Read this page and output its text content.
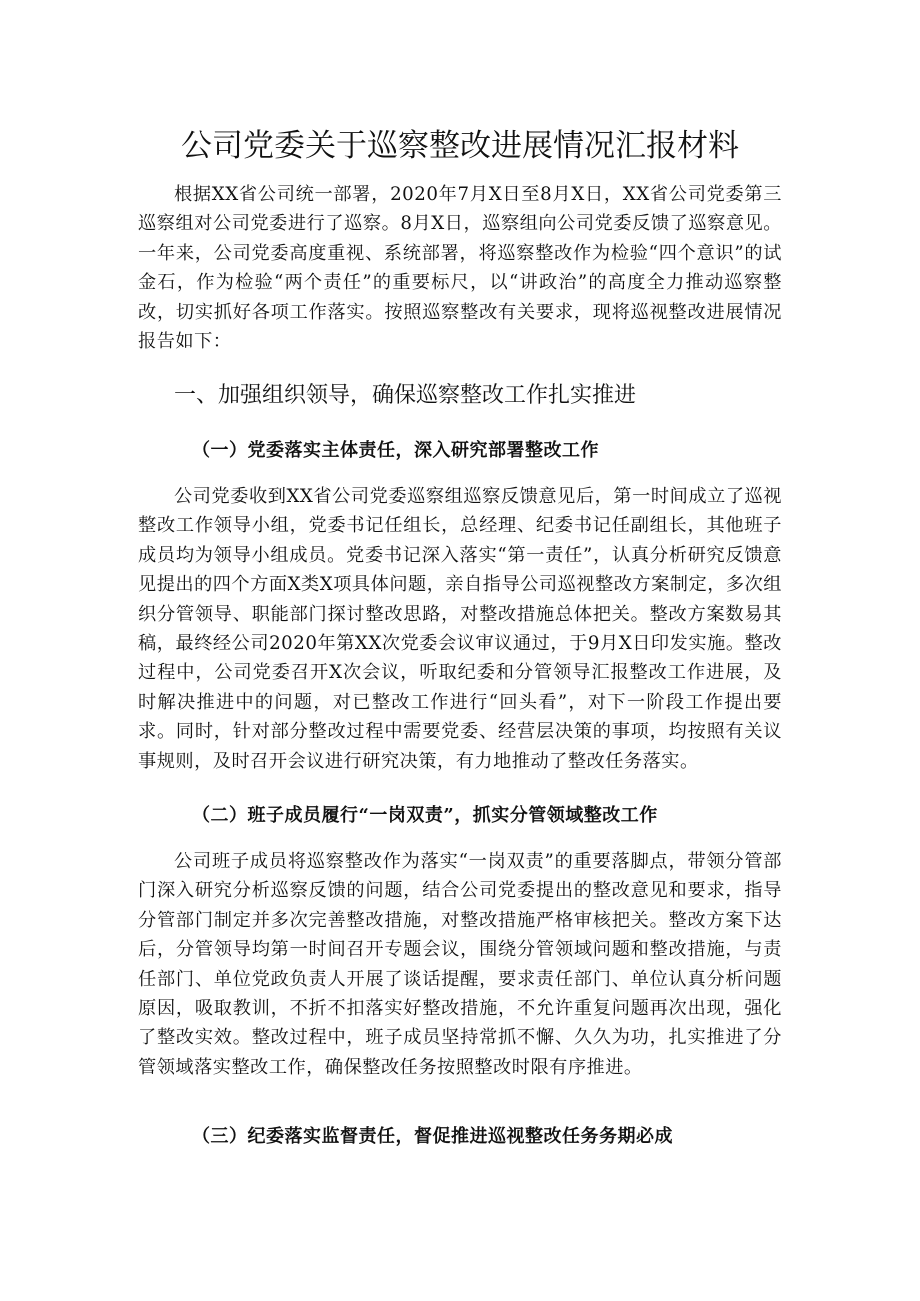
公司党委关于巡察整改进展情况汇报材料

根据XX省公司统一部署，2020年7月X日至8月X日，XX省公司党委第三巡察组对公司党委进行了巡察。8月X日，巡察组向公司党委反馈了巡察意见。一年来，公司党委高度重视、系统部署，将巡察整改作为检验“四个意识”的试金石，作为检验“两个责任”的重要标尺，以“讲政治”的高度全力推动巡察整改，切实抓好各项工作落实。按照巡察整改有关要求，现将巡视整改进展情况报告如下：

一、加强组织领导，确保巡察整改工作扎实推进
（一）党委落实主体责任，深入研究部署整改工作

公司党委收到XX省公司党委巡察组巡察反馈意见后，第一时间成立了巡视整改工作领导小组，党委书记任组长，总经理、纪委书记任副组长，其他班子成员均为领导小组成员。党委书记深入落实“第一责任”，认真分析研究反馈意见提出的四个方面X类X项具体问题，亲自指导公司巡视整改方案制定，多次组织分管领导、职能部门探讨整改思路，对整改措施总体把关。整改方案数易其稿，最终经公司2020年第XX次党委会议审议通过，于9月X日印发实施。整改过程中，公司党委召开X次会议，听取纪委和分管领导汇报整改工作进展，及时解决推进中的问题，对已整改工作进行“回头看”，对下一阶段工作提出要求。同时，针对部分整改过程中需要党委、经营层决策的事项，均按照有关议事规则，及时召开会议进行研究决策，有力地推动了整改任务落实。

（二）班子成员履行“一岗双责”，抓实分管领域整改工作

公司班子成员将巡察整改作为落实“一岗双责”的重要落脚点，带领分管部门深入研究分析巡察反馈的问题，结合公司党委提出的整改意见和要求，指导分管部门制定并多次完善整改措施，对整改措施严格审核把关。整改方案下达后，分管领导均第一时间召开专题会议，围绕分管领域问题和整改措施，与责任部门、单位党政负责人开展了谈话提醒，要求责任部门、单位认真分析问题原因，吸取教训，不折不扣落实好整改措施，不允许重复问题再次出现，强化了整改实效。整改过程中，班子成员坚持常抓不懈、久久为功，扎实推进了分管领域落实整改工作，确保整改任务按照整改时限有序推进。

（三）纪委落实监督责任，督促推进巡视整改任务务期必成
